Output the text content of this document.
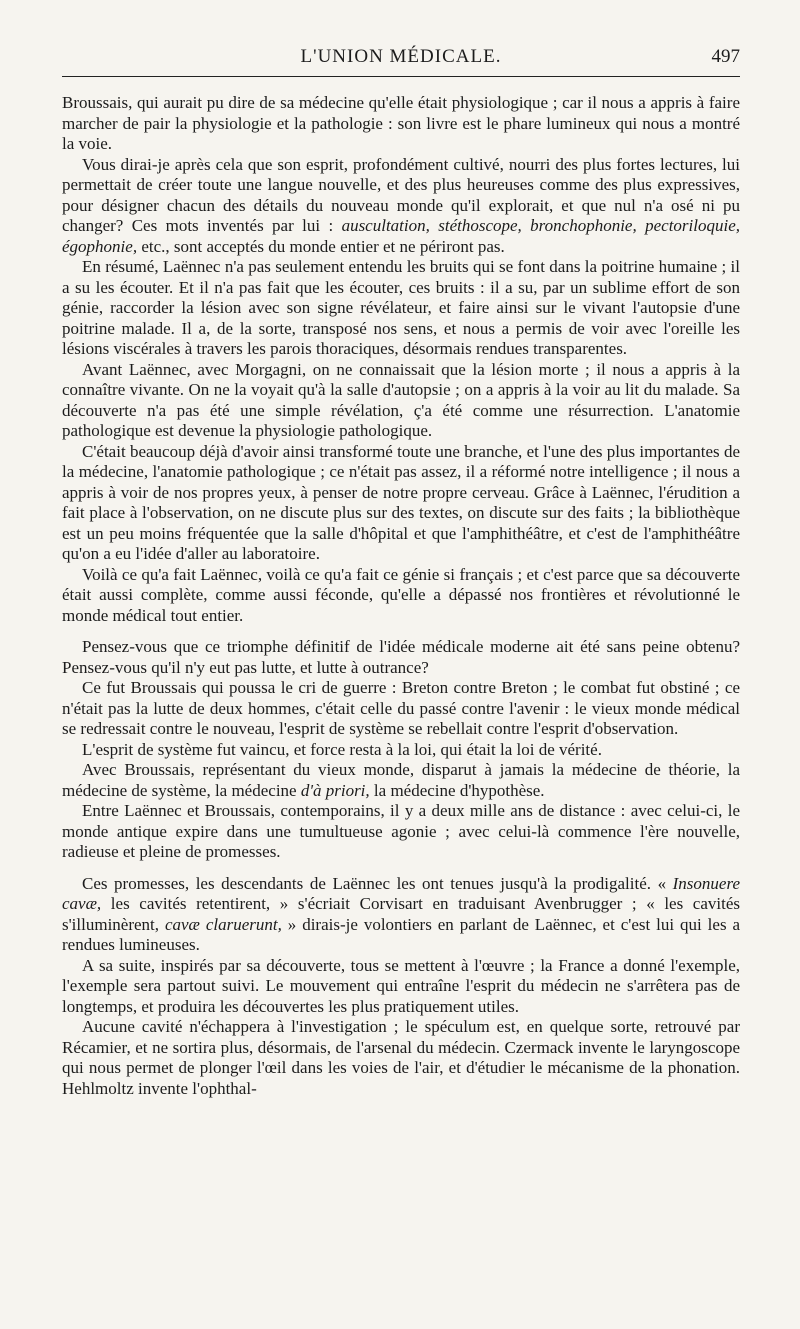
L'UNION MÉDICALE.	497

Broussais, qui aurait pu dire de sa médecine qu'elle était physiologique ; car il nous a appris à faire marcher de pair la physiologie et la pathologie : son livre est le phare lumineux qui nous a montré la voie.

Vous dirai-je après cela que son esprit, profondément cultivé, nourri des plus fortes lectures, lui permettait de créer toute une langue nouvelle, et des plus heureuses comme des plus expressives, pour désigner chacun des détails du nouveau monde qu'il explorait, et que nul n'a osé ni pu changer? Ces mots inventés par lui : auscultation, stéthoscope, bronchophonie, pectoriloquie, égophonie, etc., sont acceptés du monde entier et ne périront pas.

En résumé, Laënnec n'a pas seulement entendu les bruits qui se font dans la poitrine humaine ; il a su les écouter. Et il n'a pas fait que les écouter, ces bruits : il a su, par un sublime effort de son génie, raccorder la lésion avec son signe révélateur, et faire ainsi sur le vivant l'autopsie d'une poitrine malade. Il a, de la sorte, transposé nos sens, et nous a permis de voir avec l'oreille les lésions viscérales à travers les parois thoraciques, désormais rendues transparentes.

Avant Laënnec, avec Morgagni, on ne connaissait que la lésion morte ; il nous a appris à la connaître vivante. On ne la voyait qu'à la salle d'autopsie ; on a appris à la voir au lit du malade. Sa découverte n'a pas été une simple révélation, ç'a été comme une résurrection. L'anatomie pathologique est devenue la physiologie pathologique.

C'était beaucoup déjà d'avoir ainsi transformé toute une branche, et l'une des plus importantes de la médecine, l'anatomie pathologique ; ce n'était pas assez, il a réformé notre intelligence ; il nous a appris à voir de nos propres yeux, à penser de notre propre cerveau. Grâce à Laënnec, l'érudition a fait place à l'observation, on ne discute plus sur des textes, on discute sur des faits ; la bibliothèque est un peu moins fréquentée que la salle d'hôpital et que l'amphithéâtre, et c'est de l'amphithéâtre qu'on a eu l'idée d'aller au laboratoire.

Voilà ce qu'a fait Laënnec, voilà ce qu'a fait ce génie si français ; et c'est parce que sa découverte était aussi complète, comme aussi féconde, qu'elle a dépassé nos frontières et révolutionné le monde médical tout entier.

Pensez-vous que ce triomphe définitif de l'idée médicale moderne ait été sans peine obtenu? Pensez-vous qu'il n'y eut pas lutte, et lutte à outrance?

Ce fut Broussais qui poussa le cri de guerre : Breton contre Breton ; le combat fut obstiné ; ce n'était pas la lutte de deux hommes, c'était celle du passé contre l'avenir : le vieux monde médical se redressait contre le nouveau, l'esprit de système se rebellait contre l'esprit d'observation.

L'esprit de système fut vaincu, et force resta à la loi, qui était la loi de vérité.

Avec Broussais, représentant du vieux monde, disparut à jamais la médecine de théorie, la médecine de système, la médecine d'à priori, la médecine d'hypothèse.

Entre Laënnec et Broussais, contemporains, il y a deux mille ans de distance : avec celui-ci, le monde antique expire dans une tumultueuse agonie ; avec celui-là commence l'ère nouvelle, radieuse et pleine de promesses.

Ces promesses, les descendants de Laënnec les ont tenues jusqu'à la prodigalité. « Insonuere cavæ, les cavités retentirent, » s'écriait Corvisart en traduisant Avenbrugger ; « les cavités s'illuminèrent, cavæ claruerunt, » dirais-je volontiers en parlant de Laënnec, et c'est lui qui les a rendues lumineuses.

A sa suite, inspirés par sa découverte, tous se mettent à l'œuvre ; la France a donné l'exemple, l'exemple sera partout suivi. Le mouvement qui entraîne l'esprit du médecin ne s'arrêtera pas de longtemps, et produira les découvertes les plus pratiquement utiles.

Aucune cavité n'échappera à l'investigation ; le spéculum est, en quelque sorte, retrouvé par Récamier, et ne sortira plus, désormais, de l'arsenal du médecin. Czermack invente le laryngoscope qui nous permet de plonger l'œil dans les voies de l'air, et d'étudier le mécanisme de la phonation. Hehlmoltz invente l'ophthal-
